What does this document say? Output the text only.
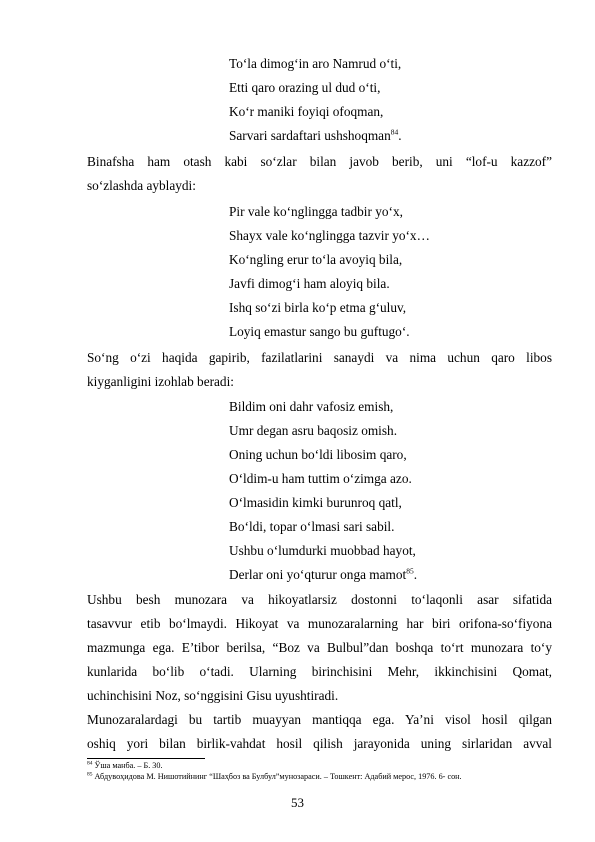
To‘la dimog‘in aro Namrud o‘ti,
Etti qaro orazing ul dud o‘ti,
Ko‘r maniki foyiqi ofoqman,
Sarvari sardaftari ushshoqman$^{84}$.
Binafsha ham otash kabi so‘zlar bilan javob berib, uni “lof-u kazzof”
so‘zlashda ayblaydi:
Pir vale ko‘nglingga tadbir yo‘x,
Shayx vale ko‘nglingga tazvir yo‘x…
Ko‘ngling erur to‘la avoyiq bila,
Javfi dimog‘i ham aloyiq bila.
Ishq so‘zi birla ko‘p etma g‘uluv,
Loyiq emastur sango bu guftugo‘.
So‘ng o‘zi haqida gapirib, fazilatlarini sanaydi va nima uchun qaro libos
kiyganligini izohlab beradi:
Bildim oni dahr vafosiz emish,
Umr degan asru baqosiz omish.
Oning uchun bo‘ldi libosim qaro,
O‘ldim-u ham tuttim o‘zimga azo.
O‘lmasidin kimki burunroq qatl,
Bo‘ldi, topar o‘lmasi sari sabil.
Ushbu o‘lumdurki muobbad hayot,
Derlar oni yo‘qturur onga mamot$^{85}$.
Ushbu besh munozara va hikoyatlarsiz dostonni to‘laqonli asar sifatida
tasavvur etib bo‘lmaydi. Hikoyat va munozaralarning har biri orifona-so‘fiyona
mazmunga ega. E’tibor berilsa, “Boz va Bulbul”dan boshqa to‘rt munozara to‘y
kunlarida bo‘lib o‘tadi. Ularning birinchisini Mehr, ikkinchisini Qomat,
uchinchisini Noz, so‘nggisini Gisu uyushtiradi.
Munozaralardagi bu tartib muayyan mantiqqa ega. Ya’ni visol hosil qilgan
oshiq yori bilan birlik-vahdat hosil qilish jarayonida uning sirlaridan avval
$^{84}$ Ўша манба. – Б. 30.
$^{85}$ Абдувоҳидова М. Нишотийнинг “Шаҳбоз ва Булбул”мунозараси. – Тошкент: Адабий мерос, 1976. 6- сон.
53
